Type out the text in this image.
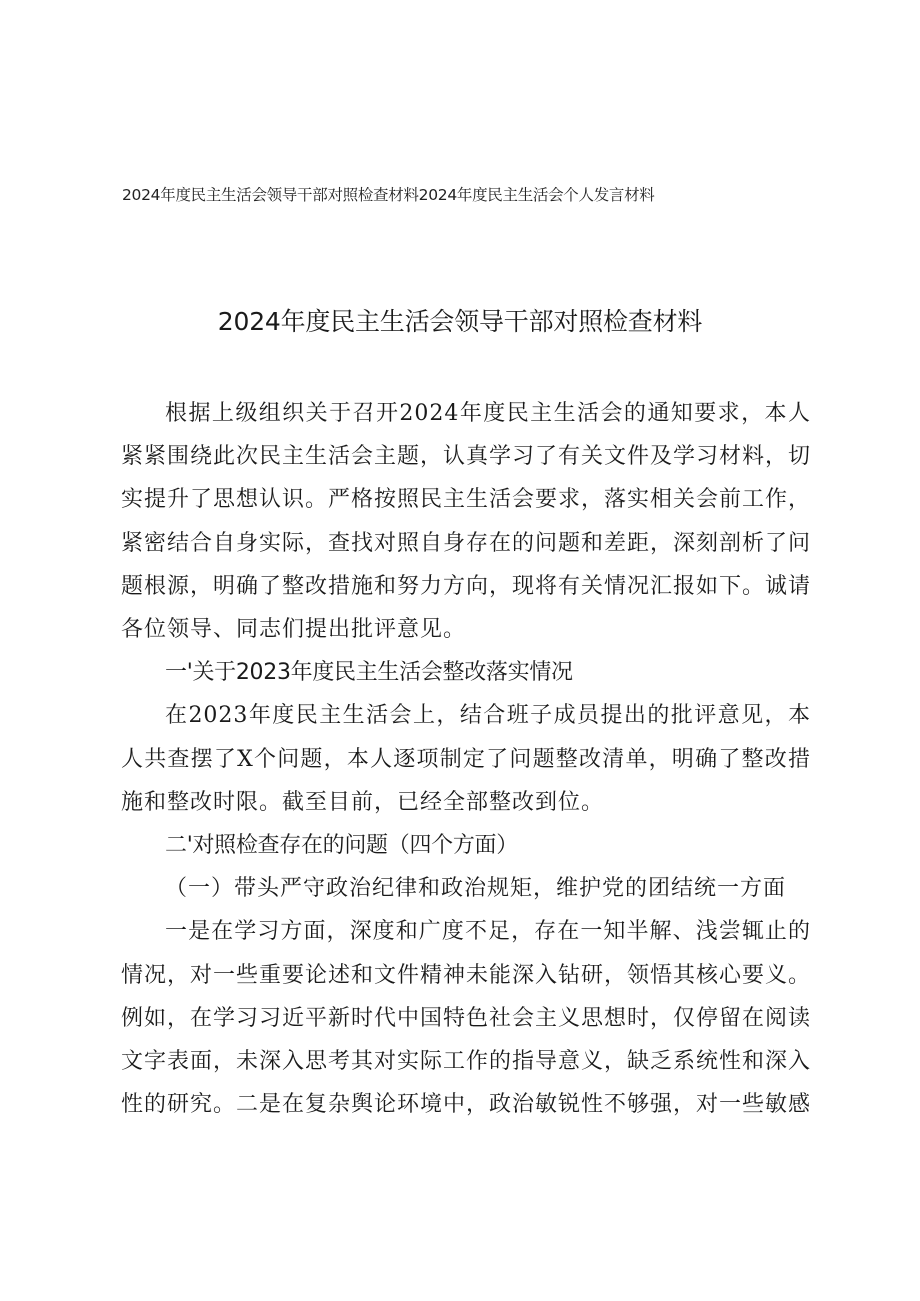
2024年度民主生活会领导干部对照检查材料2024年度民主生活会个人发言材料
2024年度民主生活会领导干部对照检查材料

根据上级组织关于召开2024年度民主生活会的通知要求，本人紧紧围绕此次民主生活会主题，认真学习了有关文件及学习材料，切实提升了思想认识。严格按照民主生活会要求，落实相关会前工作，紧密结合自身实际，查找对照自身存在的问题和差距，深刻剖析了问题根源，明确了整改措施和努力方向，现将有关情况汇报如下。诚请各位领导、同志们提出批评意见。

一'关于2023年度民主生活会整改落实情况

在2023年度民主生活会上，结合班子成员提出的批评意见，本人共查摆了X个问题，本人逐项制定了问题整改清单，明确了整改措施和整改时限。截至目前，已经全部整改到位。

二'对照检查存在的问题（四个方面）

（一）带头严守政治纪律和政治规矩，维护党的团结统一方面

一是在学习方面，深度和广度不足，存在一知半解、浅尝辄止的情况，对一些重要论述和文件精神未能深入钻研，领悟其核心要义。例如，在学习习近平新时代中国特色社会主义思想时，仅停留在阅读文字表面，未深入思考其对实际工作的指导意义，缺乏系统性和深入性的研究。二是在复杂舆论环境中，政治敏锐性不够强，对一些敏感
